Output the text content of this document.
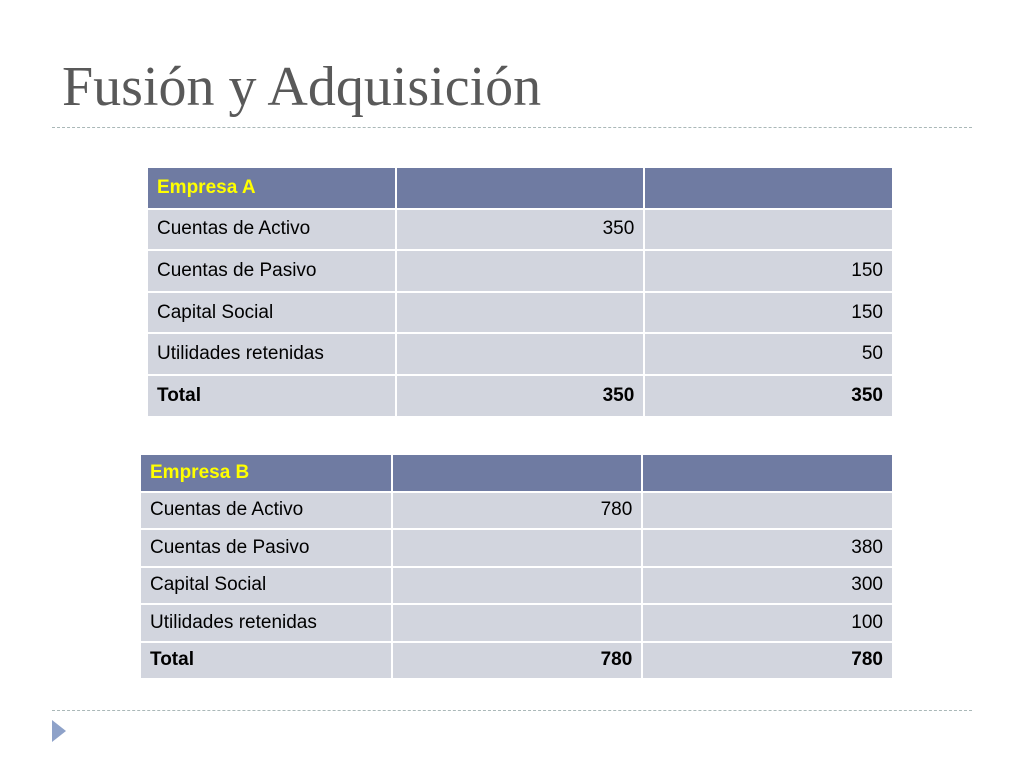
Fusión y Adquisición
Empresa A		
Cuentas de Activo	350	
Cuentas de Pasivo		150
Capital Social		150
Utilidades retenidas		50
Total	350	350
Empresa B		
Cuentas de Activo	780	
Cuentas de Pasivo		380
Capital Social		300
Utilidades retenidas		100
Total	780	780
